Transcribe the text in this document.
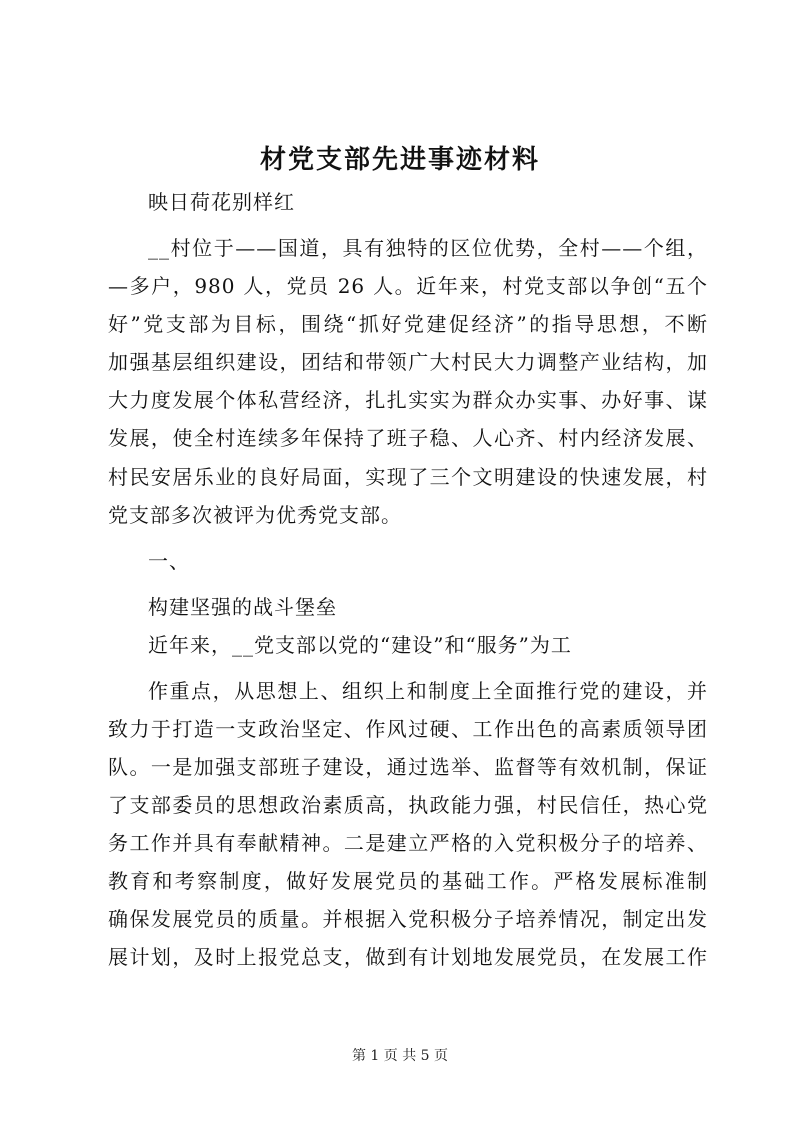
材党支部先进事迹材料
映日荷花别样红
__村位于——国道，具有独特的区位优势，全村——个组，
—多户，980 人，党员 26 人。近年来，村党支部以争创“五个
好”党支部为目标，围绕“抓好党建促经济”的指导思想，不断
加强基层组织建设，团结和带领广大村民大力调整产业结构，加
大力度发展个体私营经济，扎扎实实为群众办实事、办好事、谋
发展，使全村连续多年保持了班子稳、人心齐、村内经济发展、
村民安居乐业的良好局面，实现了三个文明建设的快速发展，村
党支部多次被评为优秀党支部。
一、
构建坚强的战斗堡垒
近年来，__党支部以党的“建设”和“服务”为工
作重点，从思想上、组织上和制度上全面推行党的建设，并
致力于打造一支政治坚定、作风过硬、工作出色的高素质领导团
队。一是加强支部班子建设，通过选举、监督等有效机制，保证
了支部委员的思想政治素质高，执政能力强，村民信任，热心党
务工作并具有奉献精神。二是建立严格的入党积极分子的培养、
教育和考察制度，做好发展党员的基础工作。严格发展标准制
确保发展党员的质量。并根据入党积极分子培养情况，制定出发
展计划，及时上报党总支，做到有计划地发展党员，在发展工作
第 1 页 共 5 页
